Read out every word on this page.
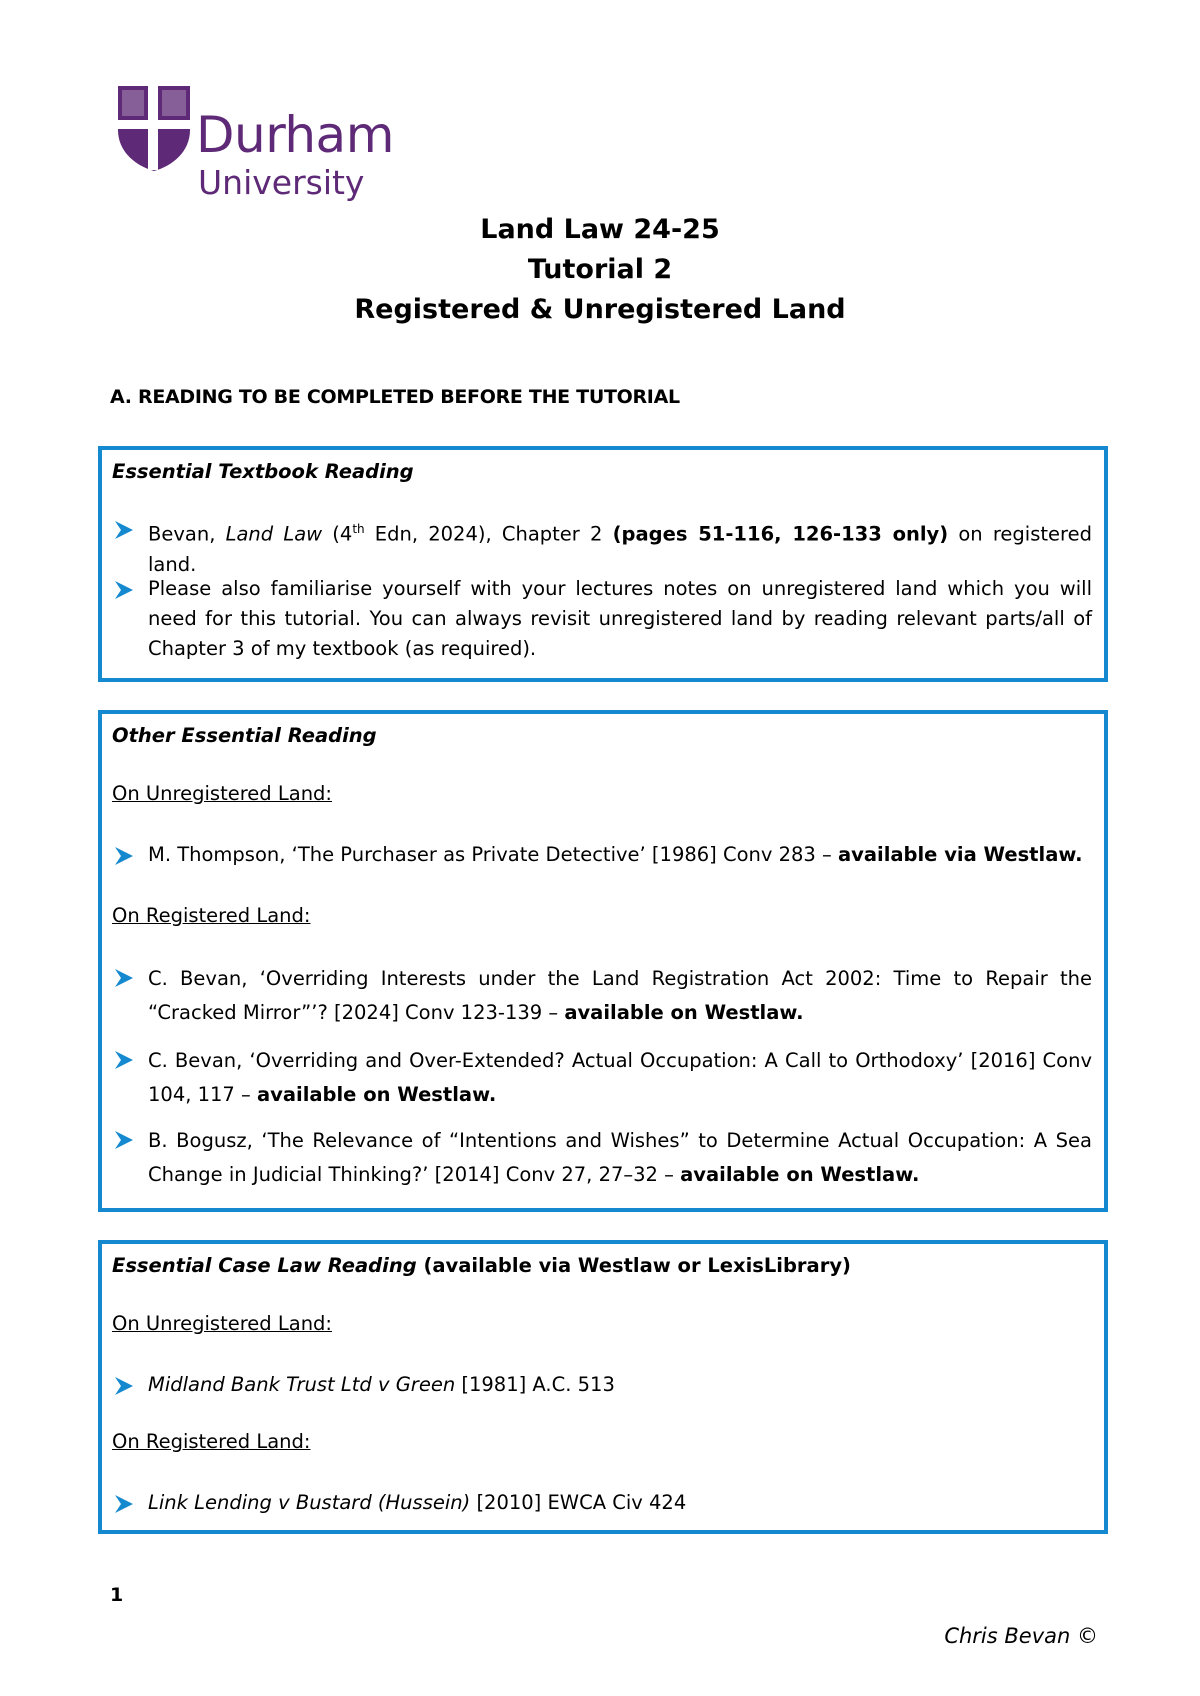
Durham
University
Land Law 24-25
Tutorial 2
Registered & Unregistered Land
A. READING TO BE COMPLETED BEFORE THE TUTORIAL
Essential Textbook Reading
Bevan, Land Law (4th Edn, 2024), Chapter 2 (pages 51-116, 126-133 only) on registered land.
Please also familiarise yourself with your lectures notes on unregistered land which you will need for this tutorial. You can always revisit unregistered land by reading relevant parts/all of Chapter 3 of my textbook (as required).
Other Essential Reading
On Unregistered Land:
M. Thompson, ‘The Purchaser as Private Detective’ [1986] Conv 283 – available via Westlaw.
On Registered Land:
C. Bevan, ‘Overriding Interests under the Land Registration Act 2002: Time to Repair the “Cracked Mirror”’? [2024] Conv 123-139 – available on Westlaw.
C. Bevan, ‘Overriding and Over-Extended? Actual Occupation: A Call to Orthodoxy’ [2016] Conv 104, 117 – available on Westlaw.
B. Bogusz, ‘The Relevance of “Intentions and Wishes” to Determine Actual Occupation: A Sea Change in Judicial Thinking?’ [2014] Conv 27, 27–32 – available on Westlaw.
Essential Case Law Reading (available via Westlaw or LexisLibrary)
On Unregistered Land:
Midland Bank Trust Ltd v Green [1981] A.C. 513
On Registered Land:
Link Lending v Bustard (Hussein) [2010] EWCA Civ 424
1
Chris Bevan ©
